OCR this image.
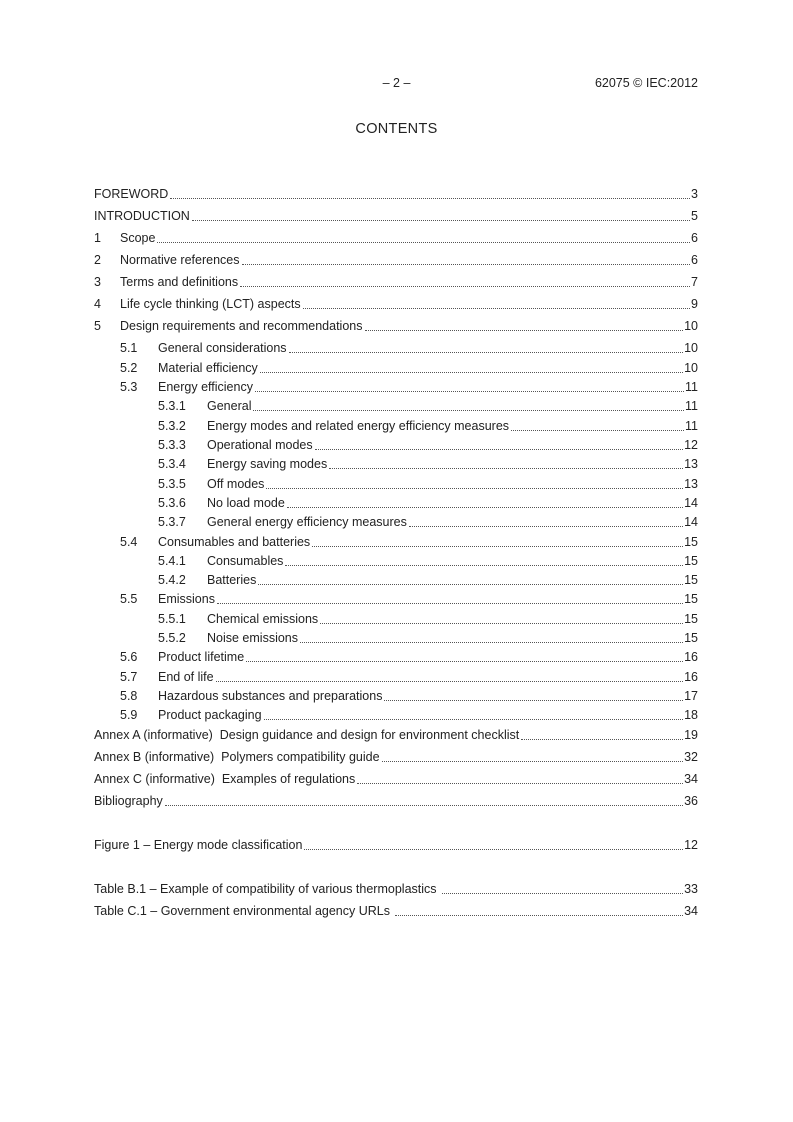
– 2 –	62075 © IEC:2012
CONTENTS
FOREWORD	3
INTRODUCTION	5
1	Scope	6
2	Normative references	6
3	Terms and definitions	7
4	Life cycle thinking (LCT) aspects	9
5	Design requirements and recommendations	10
5.1	General considerations	10
5.2	Material efficiency	10
5.3	Energy efficiency	11
5.3.1	General	11
5.3.2	Energy modes and related energy efficiency measures	11
5.3.3	Operational modes	12
5.3.4	Energy saving modes	13
5.3.5	Off modes	13
5.3.6	No load mode	14
5.3.7	General energy efficiency measures	14
5.4	Consumables and batteries	15
5.4.1	Consumables	15
5.4.2	Batteries	15
5.5	Emissions	15
5.5.1	Chemical emissions	15
5.5.2	Noise emissions	15
5.6	Product lifetime	16
5.7	End of life	16
5.8	Hazardous substances and preparations	17
5.9	Product packaging	18
Annex A (informative)  Design guidance and design for environment checklist	19
Annex B (informative)  Polymers compatibility guide	32
Annex C (informative)  Examples of regulations	34
Bibliography	36
Figure 1 – Energy mode classification	12
Table B.1 – Example of compatibility of various thermoplastics	33
Table C.1 – Government environmental agency URLs	34
